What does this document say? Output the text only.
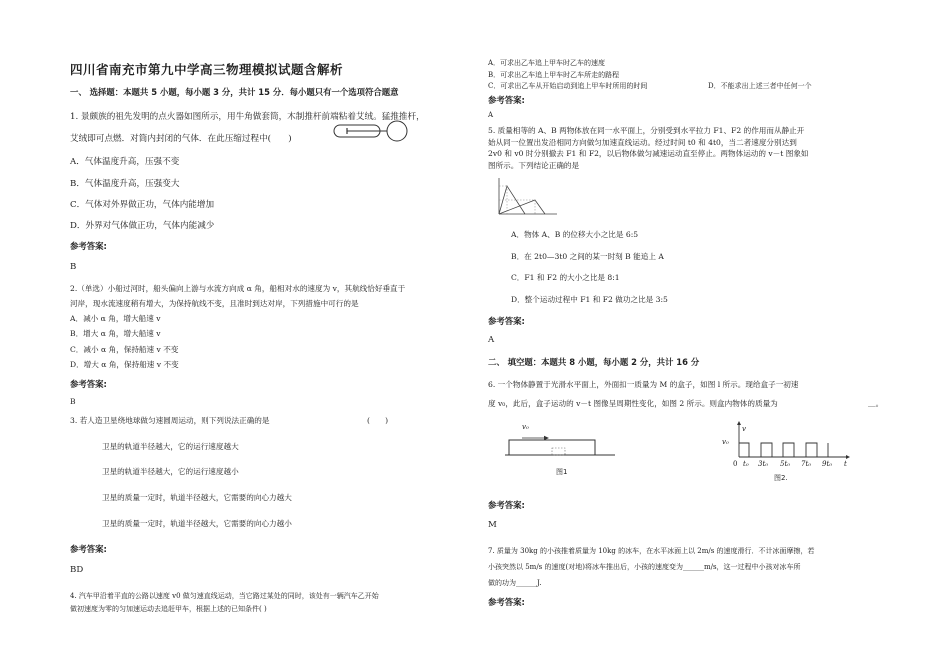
四川省南充市第九中学高三物理模拟试题含解析
一、 选择题：本题共 5 小题，每小题 3 分，共计 15 分．每小题只有一个选项符合题意
1. 景颇族的祖先发明的点火器如图所示，用牛角做套筒，木制推杆前端粘着艾绒。猛推推杆，
艾绒即可点燃．对筒内封闭的气体．在此压缩过程中(　　)
A．气体温度升高，压强不变
B．气体温度升高，压强变大
C．气体对外界做正功，气体内能增加
D．外界对气体做正功，气体内能减少
参考答案:
B
2.（单选）小船过河时，船头偏向上游与水流方向成 α 角，船相对水的速度为 v，其航线恰好垂直于
河岸，现水流速度稍有增大，为保持航线不变，且准时到达对岸，下列措施中可行的是
A．减小 α 角，增大船速 v
B．增大 α 角，增大船速 v
C．减小 α 角，保持船速 v 不变
D．增大 α 角，保持船速 v 不变
参考答案:
B
3. 若人造卫星绕地球做匀速圆周运动，则下列说法正确的是	(　　)
卫星的轨道半径越大，它的运行速度越大
卫星的轨道半径越大，它的运行速度越小
卫星的质量一定时，轨道半径越大，它需要的向心力越大
卫星的质量一定时，轨道半径越大，它需要的向心力越小
参考答案:
BD
4. 汽车甲沿着平直的公路以速度 v0 做匀速直线运动，当它路过某处的同时，该处有一辆汽车乙开始
做初速度为零的匀加速运动去追赶甲车，根据上述的已知条件( )
A．可求出乙车追上甲车时乙车的速度
B．可求出乙车追上甲车时乙车所走的路程
C．可求出乙车从开始启动到追上甲车时所用的时间	D．不能求出上述三者中任何一个
参考答案:
A
5. 质量相等的 A、B 两物体放在同一水平面上，分别受到水平拉力 F1、F2 的作用而从静止开
始从同一位置出发沿相同方向做匀加速直线运动。经过时间 t0 和 4t0，当二者速度分别达到
2v0 和 v0 时分别撤去 F1 和 F2，以后物体做匀减速运动直至停止。两物体运动的 v－t 图象如
图所示。下列结论正确的是
A．物体 A、B 的位移大小之比是 6:5
B．在 2t0—3t0 之间的某一时刻 B 能追上 A
C．F1 和 F2 的大小之比是 8:1
D．整个运动过程中 F1 和 F2 做功之比是 3:5
参考答案:
A
二、 填空题：本题共 8 小题，每小题 2 分，共计 16 分
6. 一个物体静置于光滑水平面上，外面扣一质量为 M 的盒子，如图 l 所示。现给盒子一初速
度 v₀，此后，盒子运动的 v－t 图像呈周期性变化，如图 2 所示。则盒内物体的质量为	＿。
v₀
图1
v
v₀
0 t₀ 3t₀ 5t₀ 7t₀ 9t₀ t
图2.
参考答案:
M
7. 质量为 30kg 的小孩推着质量为 10kg 的冰车，在水平冰面上以 2m/s 的速度滑行．不计冰面摩擦，若
小孩突然以 5m/s 的速度(对地)将冰车推出后，小孩的速度变为______m/s，这一过程中小孩对冰车所
做的功为______J.
参考答案:
